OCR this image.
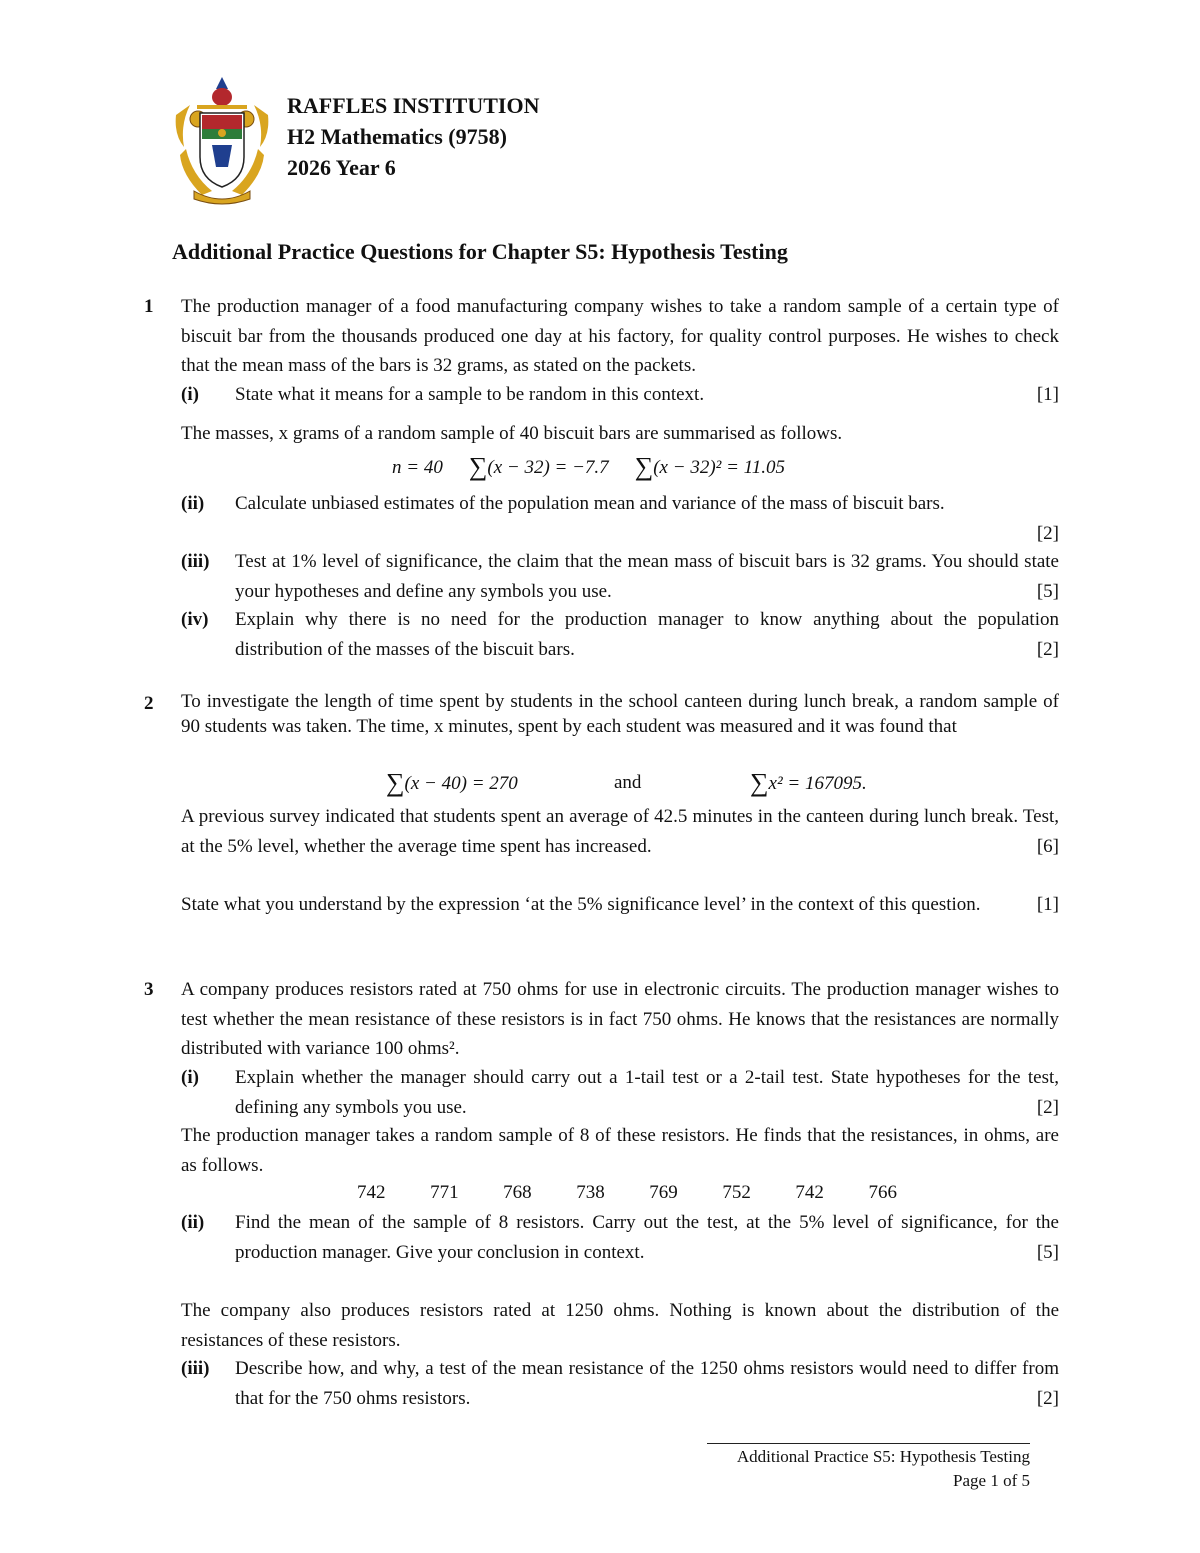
RAFFLES INSTITUTION
H2 Mathematics (9758)
2026 Year 6
Additional Practice Questions for Chapter S5: Hypothesis Testing
1 The production manager of a food manufacturing company wishes to take a random sample of a certain type of biscuit bar from the thousands produced one day at his factory, for quality control purposes. He wishes to check that the mean mass of the bars is 32 grams, as stated on the packets.
(i)	[1]
State what it means for a sample to be random in this context.
The masses, x grams of a random sample of 40 biscuit bars are summarised as follows.
n = 40 ∑(x − 32) = −7.7 ∑(x − 32)² = 11.05
(ii) Calculate unbiased estimates of the population mean and variance of the mass of biscuit bars.
[2]
(iii) Test at 1% level of significance, the claim that the mean mass of biscuit bars is 32 grams. You should state your hypotheses and define any symbols you use.	[5]
(iv) Explain why there is no need for the production manager to know anything about the population distribution of the masses of the biscuit bars.	[2]
2 To investigate the length of time spent by students in the school canteen during lunch break, a random sample of 90 students was taken. The time, x minutes, spent by each student was measured and it was found that
∑(x − 40) = 270	and	∑x² = 167095.
A previous survey indicated that students spent an average of 42.5 minutes in the canteen during lunch break. Test, at the 5% level, whether the average time spent has increased.	[6]
State what you understand by the expression ‘at the 5% significance level’ in the context of this question.	[1]
3 A company produces resistors rated at 750 ohms for use in electronic circuits. The production manager wishes to test whether the mean resistance of these resistors is in fact 750 ohms. He knows that the resistances are normally distributed with variance 100 ohms².
(i) Explain whether the manager should carry out a 1-tail test or a 2-tail test. State hypotheses for the test, defining any symbols you use.	[2]
The production manager takes a random sample of 8 of these resistors. He finds that the resistances, in ohms, are as follows.
742 771 768 738 769 752 742 766
(ii) Find the mean of the sample of 8 resistors. Carry out the test, at the 5% level of significance, for the production manager. Give your conclusion in context.	[5]
The company also produces resistors rated at 1250 ohms. Nothing is known about the distribution of the resistances of these resistors.
(iii) Describe how, and why, a test of the mean resistance of the 1250 ohms resistors would need to differ from that for the 750 ohms resistors.	[2]
Additional Practice S5: Hypothesis Testing
Page 1 of 5
